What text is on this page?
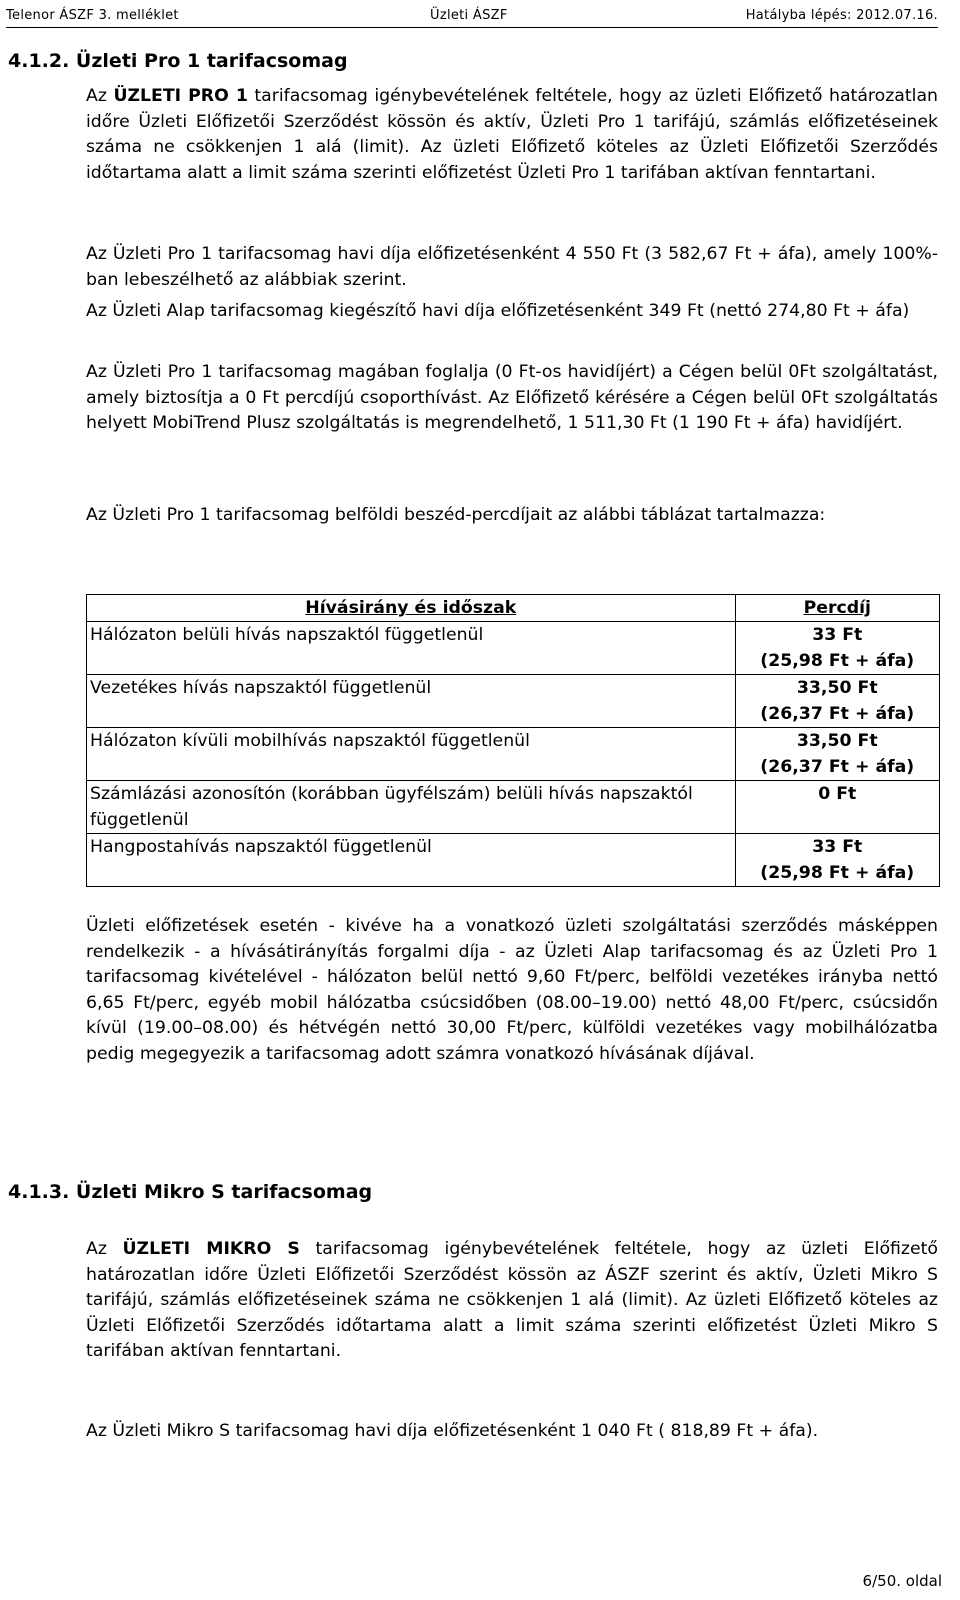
Telenor ÁSZF 3. melléklet	Üzleti ÁSZF	Hatályba lépés: 2012.07.16.
4.1.2. Üzleti Pro 1 tarifacsomag
Az ÜZLETI PRO 1 tarifacsomag igénybevételének feltétele, hogy az üzleti Előfizető határozatlan időre Üzleti Előfizetői Szerződést kössön és aktív, Üzleti Pro 1 tarifájú, számlás előfizetéseinek száma ne csökkenjen 1 alá (limit). Az üzleti Előfizető köteles az Üzleti Előfizetői Szerződés időtartama alatt a limit száma szerinti előfizetést Üzleti Pro 1 tarifában aktívan fenntartani.
Az Üzleti Pro 1 tarifacsomag havi díja előfizetésenként 4 550 Ft (3 582,67 Ft + áfa), amely 100%-ban lebeszélhető az alábbiak szerint.
Az Üzleti Alap tarifacsomag kiegészítő havi díja előfizetésenként 349 Ft (nettó 274,80 Ft + áfa)
Az Üzleti Pro 1 tarifacsomag magában foglalja (0 Ft-os havidíjért) a Cégen belül 0Ft szolgáltatást, amely biztosítja a 0 Ft percdíjú csoporthívást. Az Előfizető kérésére a Cégen belül 0Ft szolgáltatás helyett MobiTrend Plusz szolgáltatás is megrendelhető, 1 511,30 Ft (1 190 Ft + áfa) havidíjért.
Az Üzleti Pro 1 tarifacsomag belföldi beszéd-percdíjait az alábbi táblázat tartalmazza:
Hívásirány és időszak	Percdíj
Hálózaton belüli hívás napszaktól függetlenül	33 Ft
(25,98 Ft + áfa)

Vezetékes hívás napszaktól függetlenül	33,50 Ft
(26,37 Ft + áfa)

Hálózaton kívüli mobilhívás napszaktól függetlenül	33,50 Ft
(26,37 Ft + áfa)

Számlázási azonosítón (korábban ügyfélszám) belüli hívás napszaktól függetlenül	0 Ft

Hangpostahívás napszaktól függetlenül	33 Ft
(25,98 Ft + áfa)
Üzleti előfizetések esetén - kivéve ha a vonatkozó üzleti szolgáltatási szerződés másképpen rendelkezik - a hívásátirányítás forgalmi díja - az Üzleti Alap tarifacsomag és az Üzleti Pro 1 tarifacsomag kivételével - hálózaton belül nettó 9,60 Ft/perc, belföldi vezetékes irányba nettó 6,65 Ft/perc, egyéb mobil hálózatba csúcsidőben (08.00–19.00) nettó 48,00 Ft/perc, csúcsidőn kívül (19.00–08.00) és hétvégén nettó 30,00 Ft/perc, külföldi vezetékes vagy mobilhálózatba pedig megegyezik a tarifacsomag adott számra vonatkozó hívásának díjával.
4.1.3. Üzleti Mikro S tarifacsomag
Az ÜZLETI MIKRO S tarifacsomag igénybevételének feltétele, hogy az üzleti Előfizető határozatlan időre Üzleti Előfizetői Szerződést kössön az ÁSZF szerint és aktív, Üzleti Mikro S tarifájú, számlás előfizetéseinek száma ne csökkenjen 1 alá (limit). Az üzleti Előfizető köteles az Üzleti Előfizetői Szerződés időtartama alatt a limit száma szerinti előfizetést Üzleti Mikro S tarifában aktívan fenntartani.
Az Üzleti Mikro S tarifacsomag havi díja előfizetésenként 1 040 Ft ( 818,89 Ft + áfa).
6/50. oldal
